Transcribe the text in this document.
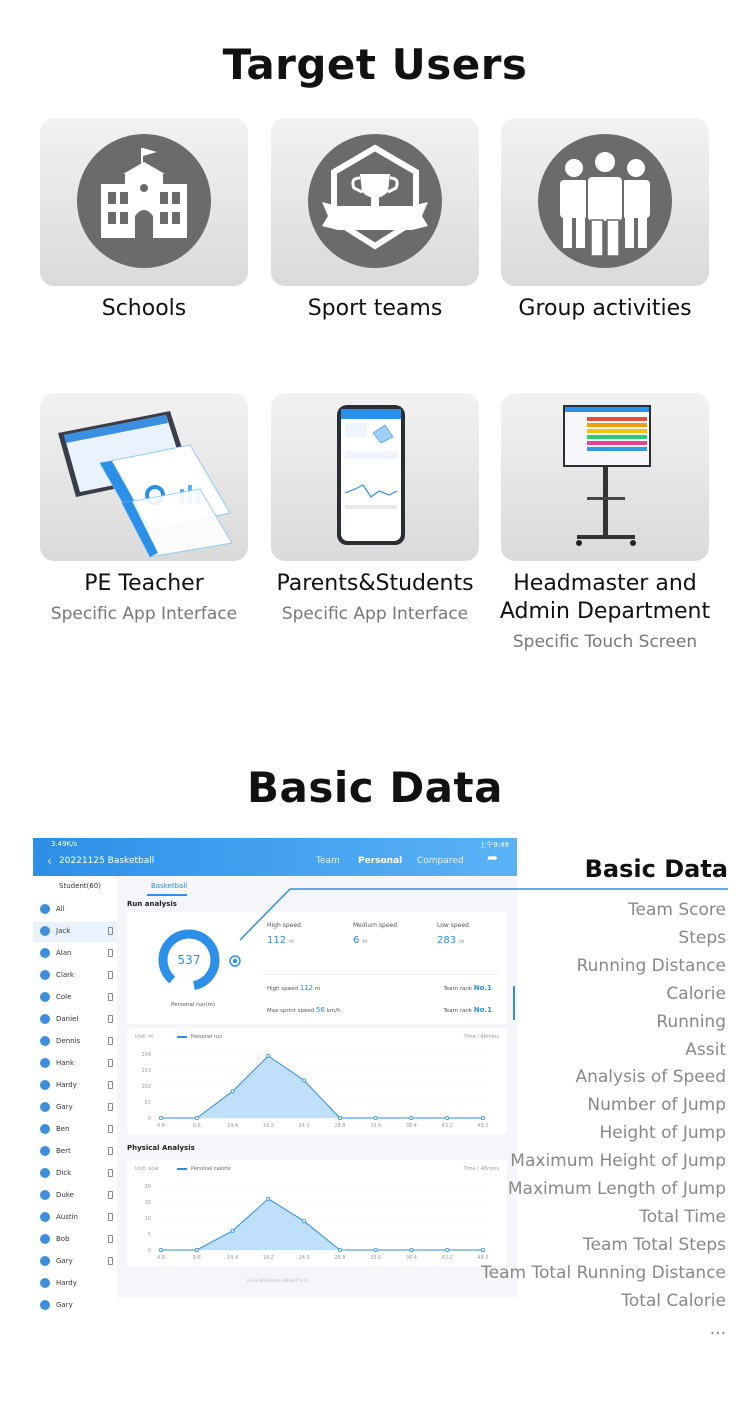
Target Users
Schools	Sport teams	Group activities
PE Teacher
Specific App Interface
Parents&Students
Specific App Interface
Headmaster and
Admin Department
Specific Touch Screen
Basic Data
3.49K/s	上午9:49
‹ 20221125 Basketball	Team Personal Compared ➦
Student(60)
All
Jack
Alan
Clark
Cole
Daniel
Dennis
Hank
Hardy
Gary
Ben
Bert
Dick
Duke
Austin
Bob
Gary
Hardy
Gary
Basketball
Run analysis
537
Personal run(m)
High speed
112 m
Medium speed
6 m
Low speed
283 m
High speed 112 m	Team rank No.1
Max sprint speed 56 km/h	Team rank No.1
Unit: m	Personal run	Time / 48mins
204
153
102
51
0
4.8	9.6	14.4	19.2	24.0	28.8	33.6	38.4	43.2	48.0
Physical Analysis
Unit: kcal	Personal calorie	Time / 48mins
20
15
10
5
0
4.8	9.6	14.4	19.2	24.0	28.8	33.6	38.4	43.2	48.0
Hi Fix WorkShare 2WayAP 1.01
Basic Data
Team Score
Steps
Running Distance
Calorie
Running
Assit
Analysis of Speed
Number of Jump
Height of Jump
Maximum Height of Jump
Maximum Length of Jump
Total Time
Team Total Steps
Team Total Running Distance
Total Calorie
...
